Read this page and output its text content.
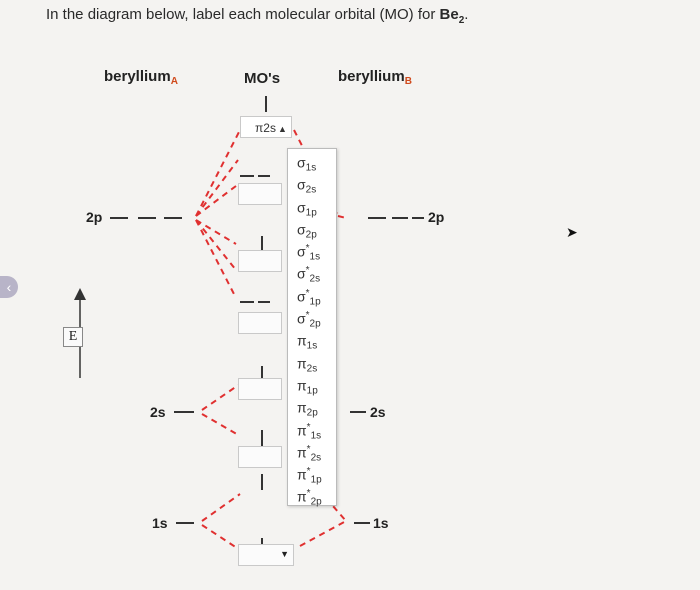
In the diagram below, label each molecular orbital (MO) for $Be_2$.
beryllium$_A$	MO's	beryllium$_B$
2p
2s
1s
2p
2s
1s
E
π2s ▲
▼
$\sigma_{1s}$
$\sigma_{2s}$
$\sigma_{1p}$
$\sigma_{2p}$
$\sigma^*_{1s}$
$\sigma^*_{2s}$
$\sigma^*_{1p}$
$\sigma^*_{2p}$
$\pi_{1s}$
$\pi_{2s}$
$\pi_{1p}$
$\pi_{2p}$
$\pi^*_{1s}$
$\pi^*_{2s}$
$\pi^*_{1p}$
$\pi^*_{2p}$
‹
➤
